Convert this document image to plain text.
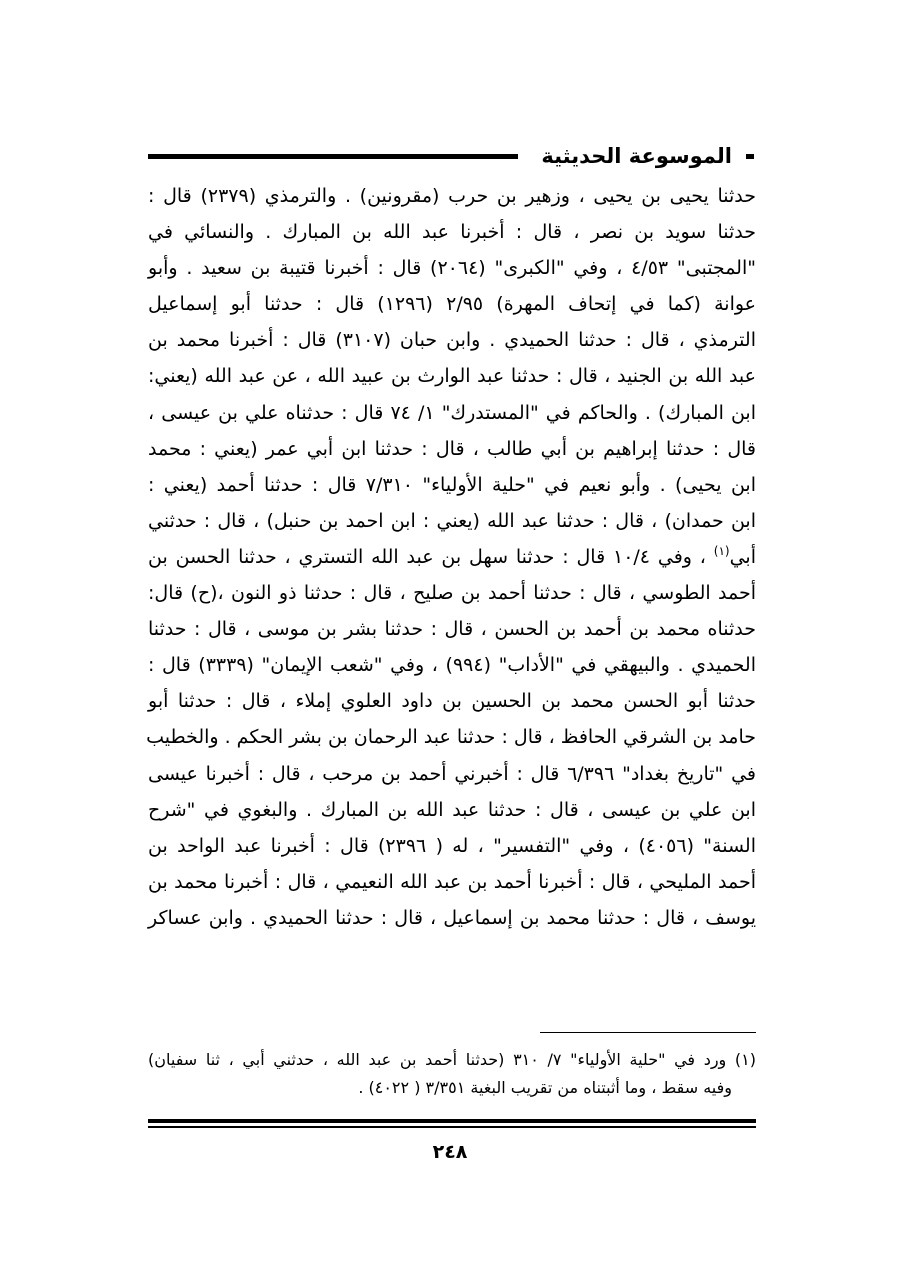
الموسوعة الحديثية
حدثنا يحيى بن يحيى ، وزهير بن حرب (مقرونين) . والترمذي (٢٣٧٩) قال :
حدثنا سويد بن نصر ، قال : أخبرنا عبد الله بن المبارك . والنسائي في
"المجتبى" ٤/٥٣ ، وفي "الكبرى" (٢٠٦٤) قال : أخبرنا قتيبة بن سعيد . وأبو
عوانة (كما في إتحاف المهرة) ٢/٩٥ (١٢٩٦) قال : حدثنا أبو إسماعيل
الترمذي ، قال : حدثنا الحميدي . وابن حبان (٣١٠٧) قال : أخبرنا محمد بن
عبد الله بن الجنيد ، قال : حدثنا عبد الوارث بن عبيد الله ، عن عبد الله (يعني:
ابن المبارك) . والحاكم في "المستدرك" ١/ ٧٤ قال : حدثناه علي بن عيسى ،
قال : حدثنا إبراهيم بن أبي طالب ، قال : حدثنا ابن أبي عمر (يعني : محمد
ابن يحيى) . وأبو نعيم في "حلية الأولياء" ٧/٣١٠ قال : حدثنا أحمد (يعني :
ابن حمدان) ، قال : حدثنا عبد الله (يعني : ابن احمد بن حنبل) ، قال : حدثني
أبي$^{(١)}$ ، وفي ١٠/٤ قال : حدثنا سهل بن عبد الله التستري ، حدثنا الحسن بن
أحمد الطوسي ، قال : حدثنا أحمد بن صليح ، قال : حدثنا ذو النون ،(ح) قال:
حدثناه محمد بن أحمد بن الحسن ، قال : حدثنا بشر بن موسى ، قال : حدثنا
الحميدي . والبيهقي في "الأداب" (٩٩٤) ، وفي "شعب الإيمان" (٣٣٣٩) قال :
حدثنا أبو الحسن محمد بن الحسين بن داود العلوي إملاء ، قال : حدثنا أبو
حامد بن الشرقي الحافظ ، قال : حدثنا عبد الرحمان بن بشر الحكم . والخطيب
في "تاريخ بغداد" ٦/٣٩٦ قال : أخبرني أحمد بن مرحب ، قال : أخبرنا عيسى
ابن علي بن عيسى ، قال : حدثنا عبد الله بن المبارك . والبغوي في "شرح
السنة" (٤٠٥٦) ، وفي "التفسير" ، له ( ٢٣٩٦) قال : أخبرنا عبد الواحد بن
أحمد المليحي ، قال : أخبرنا أحمد بن عبد الله النعيمي ، قال : أخبرنا محمد بن
يوسف ، قال : حدثنا محمد بن إسماعيل ، قال : حدثنا الحميدي . وابن عساكر
(١) ورد في "حلية الأولياء" ٧/ ٣١٠ (حدثنا أحمد بن عبد الله ، حدثني أبي ، ثنا سفيان)
وفيه سقط ، وما أثبتناه من تقريب البغية ٣/٣٥١ ( ٤٠٢٢) .
٢٤٨
